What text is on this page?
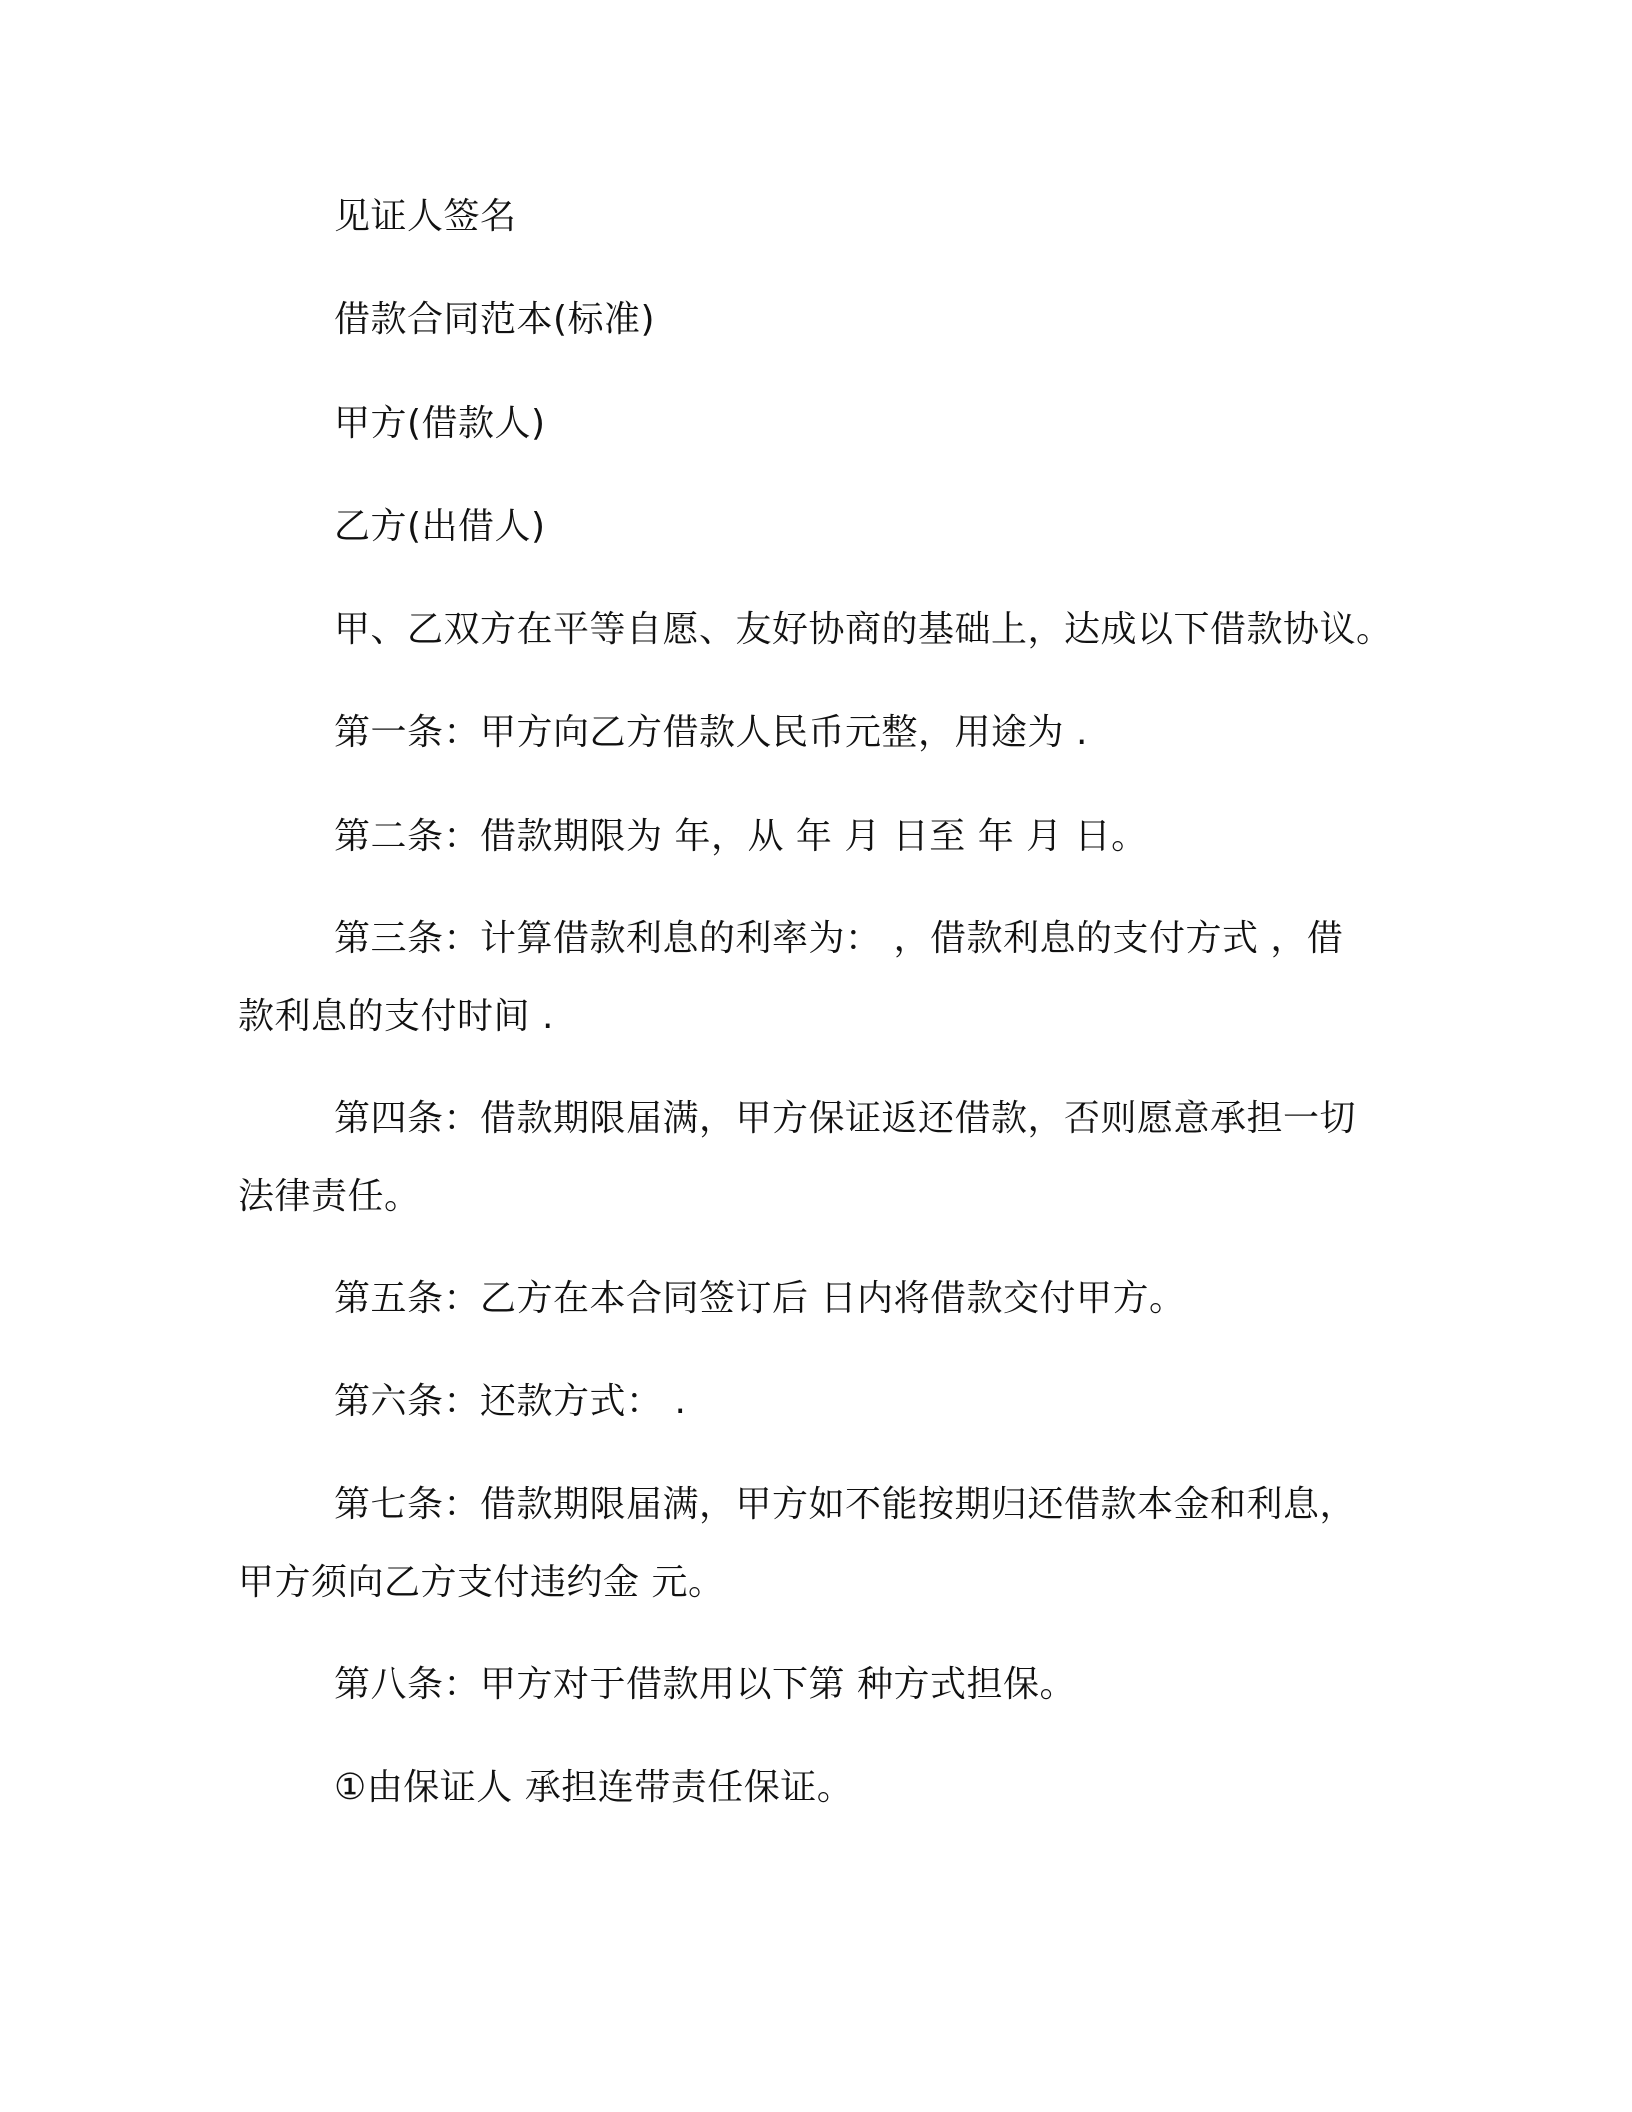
见证人签名
借款合同范本(标准)
甲方(借款人)
乙方(出借人)
甲、乙双方在平等自愿、友好协商的基础上，达成以下借款协议。
第一条：甲方向乙方借款人民币元整，用途为 .
第二条：借款期限为 年，从 年 月 日至 年 月 日。
第三条：计算借款利息的利率为： ，借款利息的支付方式 ，借
款利息的支付时间 .
第四条：借款期限届满，甲方保证返还借款，否则愿意承担一切
法律责任。
第五条：乙方在本合同签订后 日内将借款交付甲方。
第六条：还款方式： .
第七条：借款期限届满，甲方如不能按期归还借款本金和利息，
甲方须向乙方支付违约金 元。
第八条：甲方对于借款用以下第 种方式担保。
①由保证人 承担连带责任保证。
